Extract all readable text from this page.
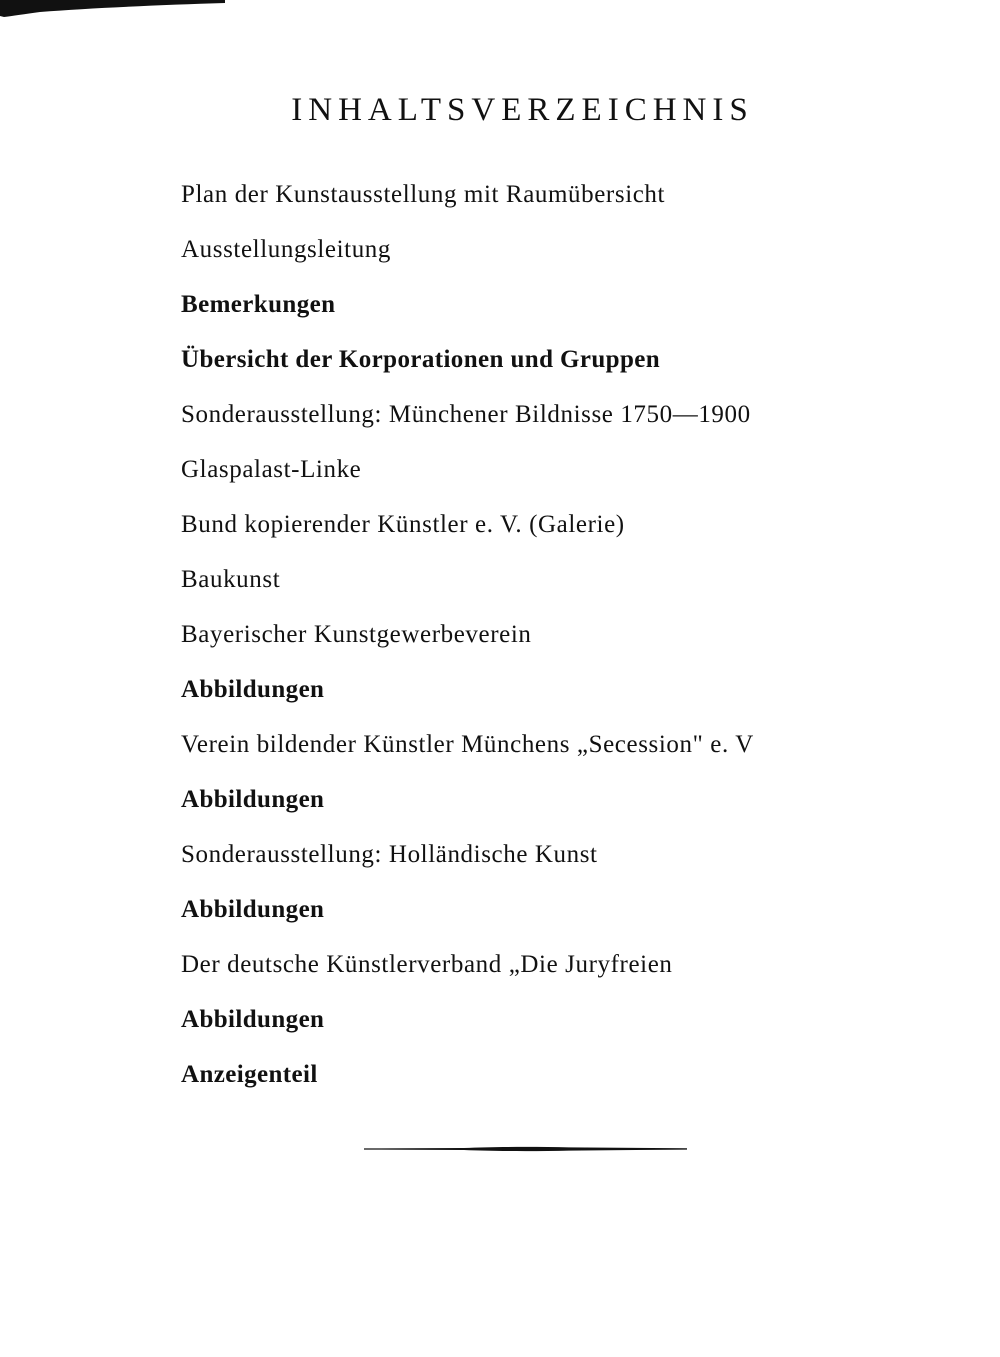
INHALTSVERZEICHNIS
Plan der Kunstausstellung mit Raumübersicht
Ausstellungsleitung
Bemerkungen
Übersicht der Korporationen und Gruppen
Sonderausstellung: Münchener Bildnisse 1750—1900
Glaspalast-Linke
Bund kopierender Künstler e. V. (Galerie)
Baukunst
Bayerischer Kunstgewerbeverein
Abbildungen
Verein bildender Künstler Münchens „Secession" e. V
Abbildungen
Sonderausstellung: Holländische Kunst
Abbildungen
Der deutsche Künstlerverband „Die Juryfreien
Abbildungen
Anzeigenteil
